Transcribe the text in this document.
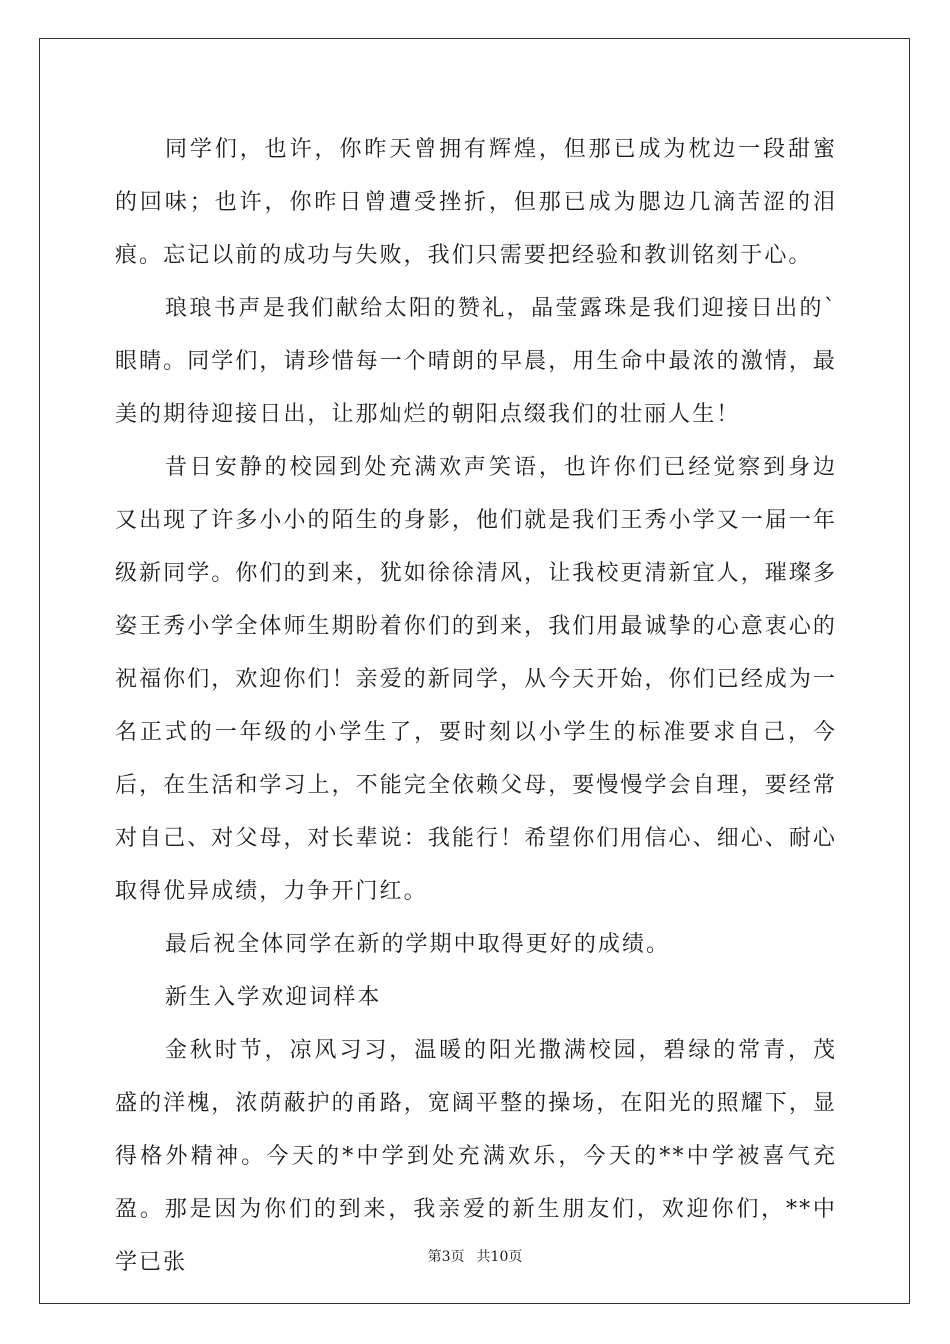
同学们，也许，你昨天曾拥有辉煌，但那已成为枕边一段甜蜜的回味；也许，你昨日曾遭受挫折，但那已成为腮边几滴苦涩的泪痕。忘记以前的成功与失败，我们只需要把经验和教训铭刻于心。

琅琅书声是我们献给太阳的赞礼，晶莹露珠是我们迎接日出的`眼睛。同学们，请珍惜每一个晴朗的早晨，用生命中最浓的激情，最美的期待迎接日出，让那灿烂的朝阳点缀我们的壮丽人生！

昔日安静的校园到处充满欢声笑语，也许你们已经觉察到身边又出现了许多小小的陌生的身影，他们就是我们王秀小学又一届一年级新同学。你们的到来，犹如徐徐清风，让我校更清新宜人，璀璨多姿王秀小学全体师生期盼着你们的到来，我们用最诚挚的心意衷心的祝福你们，欢迎你们！亲爱的新同学，从今天开始，你们已经成为一名正式的一年级的小学生了，要时刻以小学生的标准要求自己，今后，在生活和学习上，不能完全依赖父母，要慢慢学会自理，要经常对自己、对父母，对长辈说：我能行！希望你们用信心、细心、耐心取得优异成绩，力争开门红。

最后祝全体同学在新的学期中取得更好的成绩。

新生入学欢迎词样本

金秋时节，凉风习习，温暖的阳光撒满校园，碧绿的常青，茂盛的洋槐，浓荫蔽护的甬路，宽阔平整的操场，在阳光的照耀下，显得格外精神。今天的*中学到处充满欢乐，今天的**中学被喜气充盈。那是因为你们的到来，我亲爱的新生朋友们，欢迎你们，**中学已张	第3页 共10页
